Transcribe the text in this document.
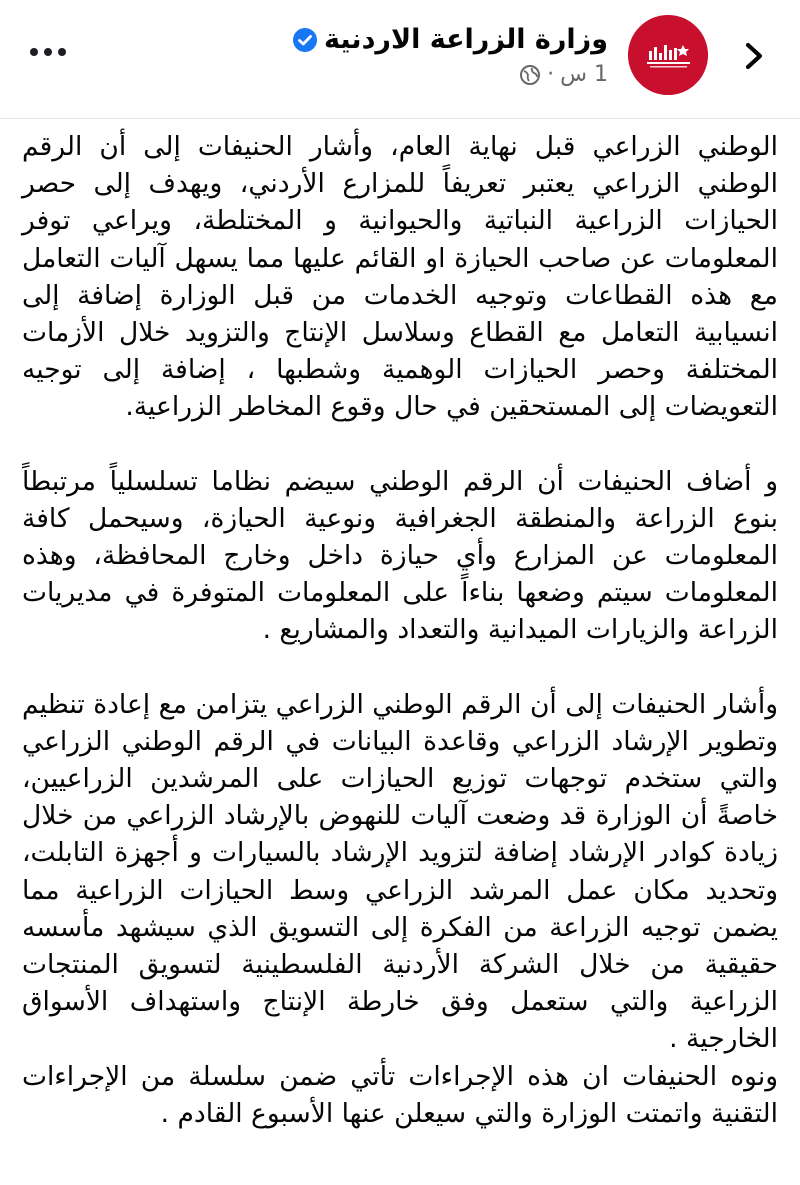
وزارة الزراعة الاردنية
1 س
·

الوطني الزراعي قبل نهاية العام، وأشار الحنيفات إلى أن الرقم الوطني الزراعي يعتبر تعريفاً للمزارع الأردني، ويهدف إلى حصر الحيازات الزراعية النباتية والحيوانية و المختلطة، ويراعي توفر المعلومات عن صاحب الحيازة او القائم عليها مما يسهل آليات التعامل مع هذه القطاعات وتوجيه الخدمات من قبل الوزارة إضافة إلى انسيابية التعامل مع القطاع وسلاسل الإنتاج والتزويد خلال الأزمات المختلفة وحصر الحيازات الوهمية وشطبها ، إضافة إلى توجيه التعويضات إلى المستحقين في حال وقوع المخاطر الزراعية.

و أضاف الحنيفات أن الرقم الوطني سيضم نظاما تسلسلياً مرتبطاً بنوع الزراعة والمنطقة الجغرافية ونوعية الحيازة، وسيحمل كافة المعلومات عن المزارع وأي حيازة داخل وخارج المحافظة، وهذه المعلومات سيتم وضعها بناءاً على المعلومات المتوفرة في مديريات الزراعة والزيارات الميدانية والتعداد والمشاريع .

وأشار الحنيفات إلى أن الرقم الوطني الزراعي يتزامن مع إعادة تنظيم وتطوير الإرشاد الزراعي وقاعدة البيانات في الرقم الوطني الزراعي والتي ستخدم توجهات توزيع الحيازات على المرشدين الزراعيين، خاصةً أن الوزارة قد وضعت آليات للنهوض بالإرشاد الزراعي من خلال زيادة كوادر الإرشاد إضافة لتزويد الإرشاد بالسيارات و أجهزة التابلت، وتحديد مكان عمل المرشد الزراعي وسط الحيازات الزراعية مما يضمن توجيه الزراعة من الفكرة إلى التسويق الذي سيشهد مأسسه حقيقية من خلال الشركة الأردنية الفلسطينية لتسويق المنتجات الزراعية والتي ستعمل وفق خارطة الإنتاج واستهداف الأسواق الخارجية .

ونوه الحنيفات ان هذه الإجراءات تأتي ضمن سلسلة من الإجراءات التقنية واتمتت الوزارة والتي سيعلن عنها الأسبوع القادم .
